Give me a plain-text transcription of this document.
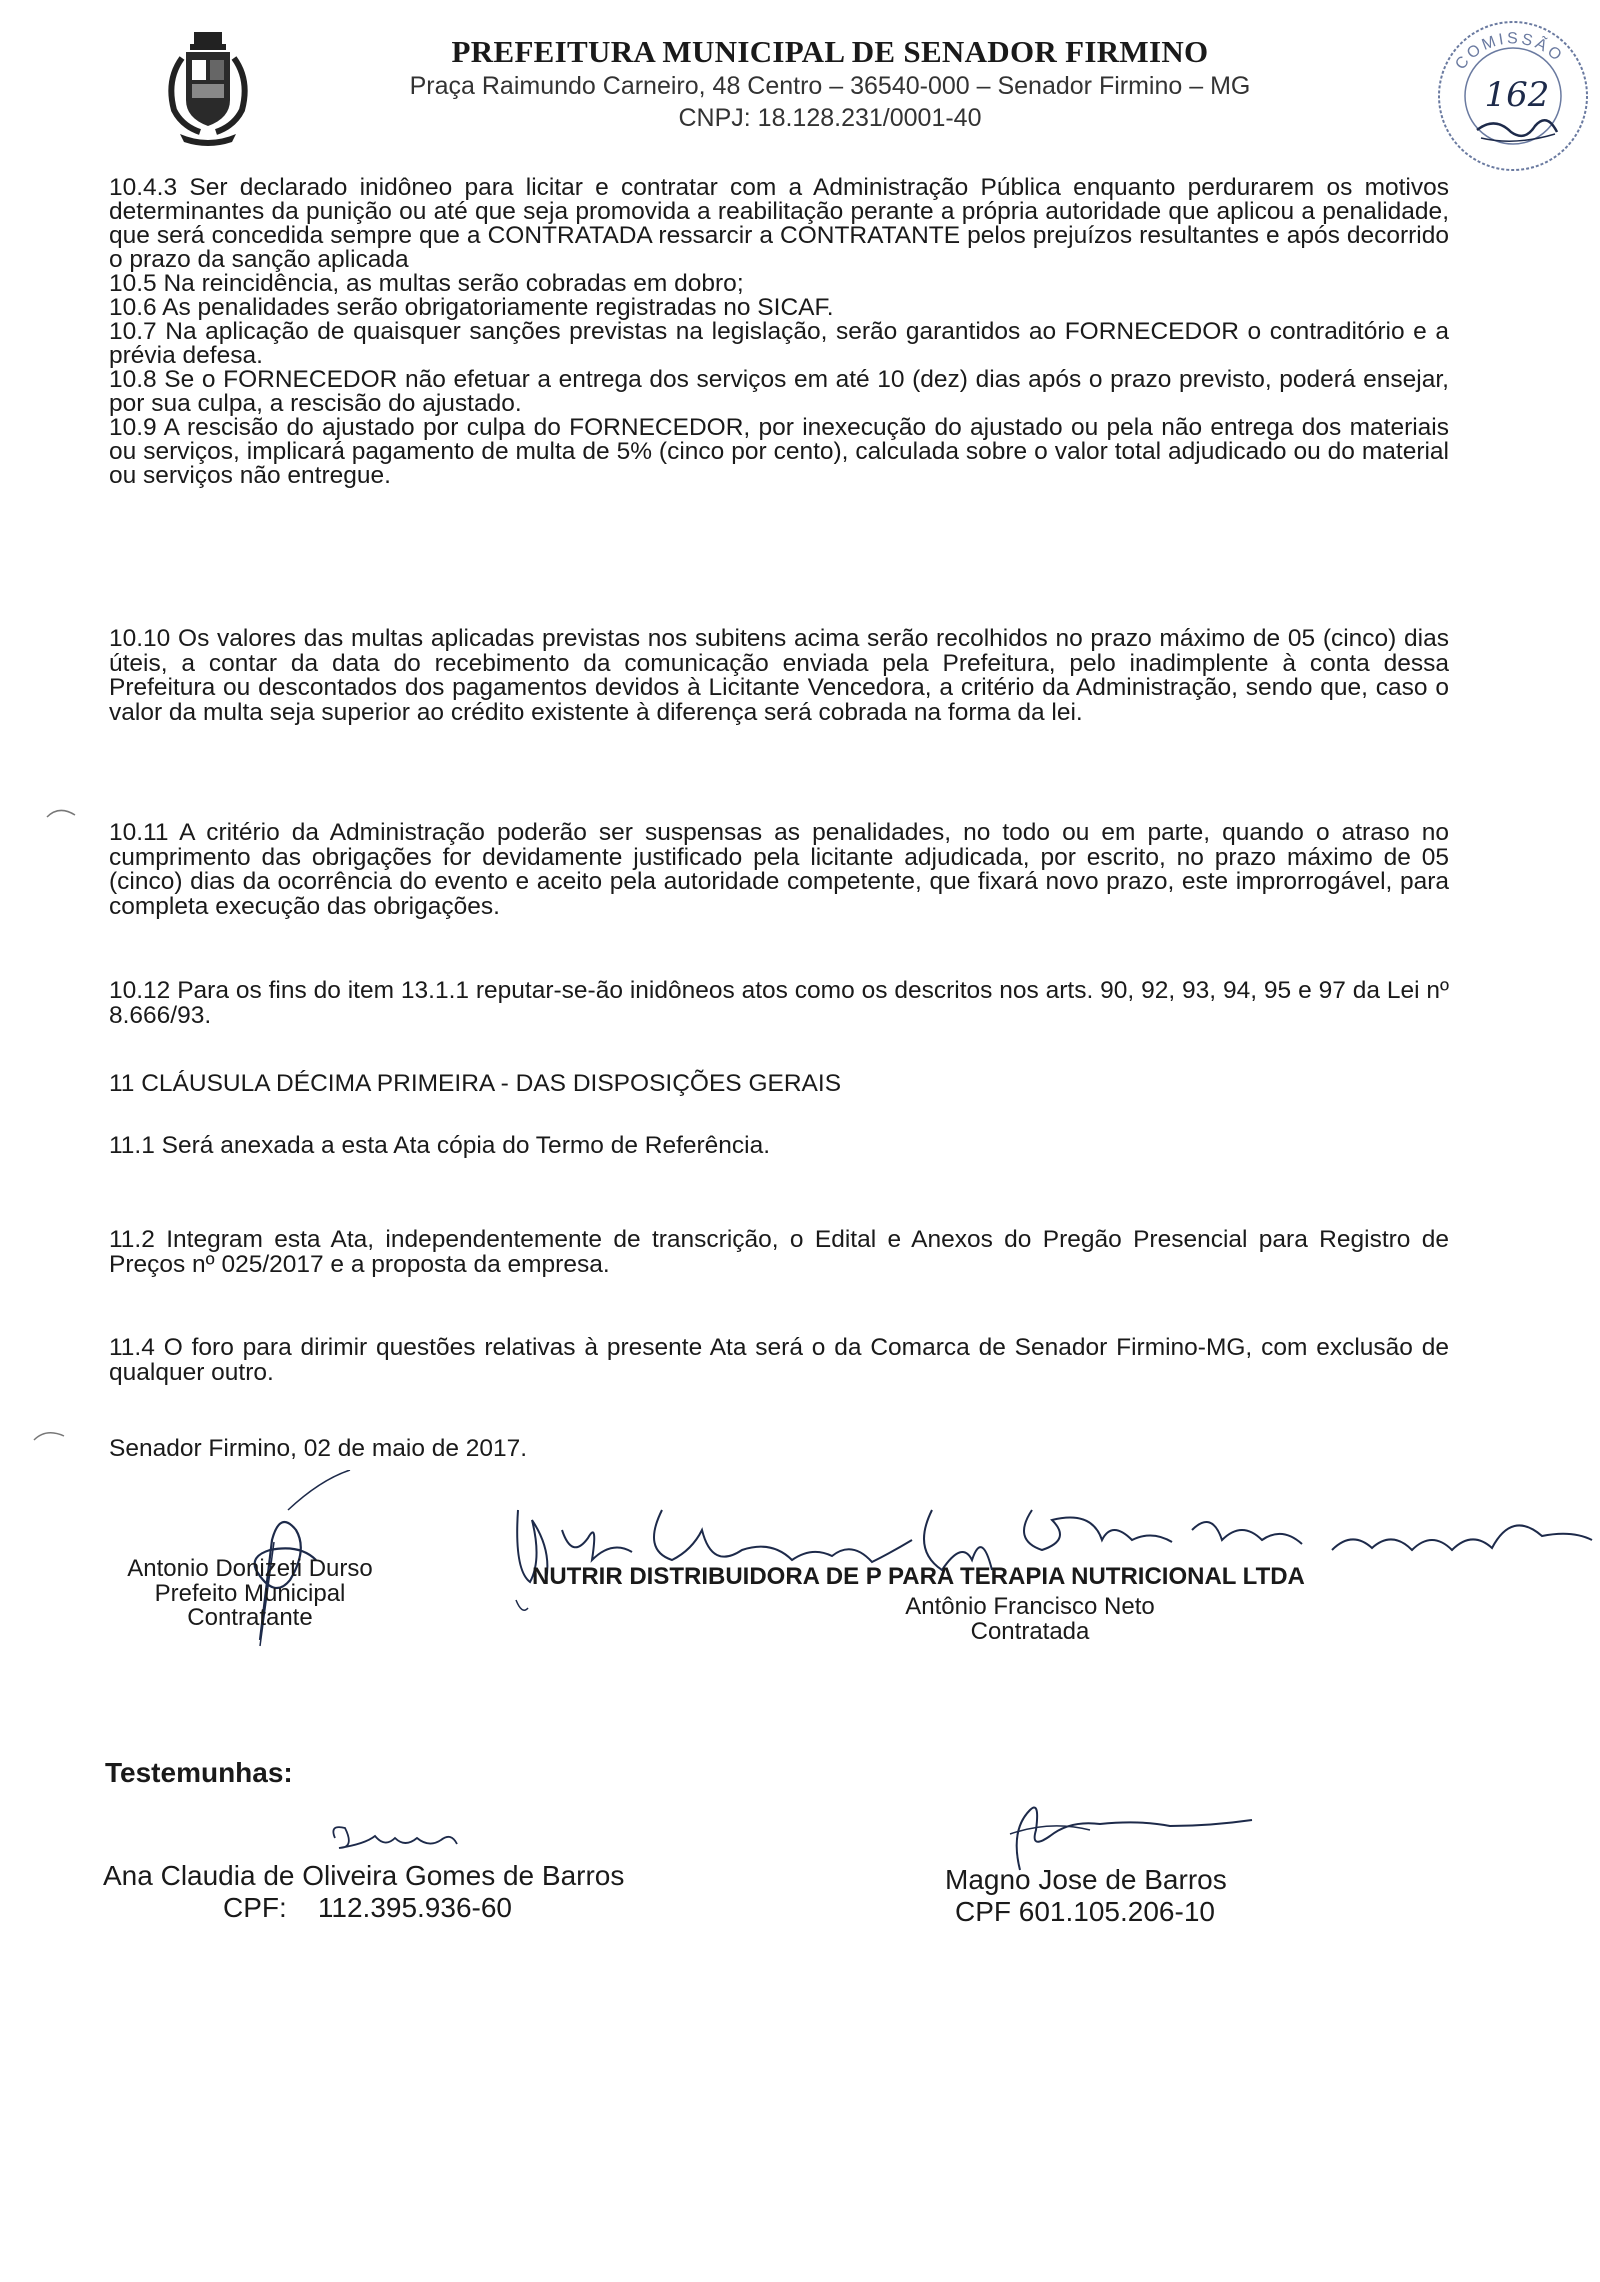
PREFEITURA MUNICIPAL DE SENADOR FIRMINO
Praça Raimundo Carneiro, 48 Centro – 36540-000 – Senador Firmino – MG
CNPJ: 18.128.231/0001-40
COMISSÃO
162

10.4.3 Ser declarado inidôneo para licitar e contratar com a Administração Pública enquanto perdurarem os motivos determinantes da punição ou até que seja promovida a reabilitação perante a própria autoridade que aplicou a penalidade, que será concedida sempre que a CONTRATADA ressarcir a CONTRATANTE pelos prejuízos resultantes e após decorrido o prazo da sanção aplicada

10.5 Na reincidência, as multas serão cobradas em dobro;

10.6 As penalidades serão obrigatoriamente registradas no SICAF.

10.7 Na aplicação de quaisquer sanções previstas na legislação, serão garantidos ao FORNECEDOR o contraditório e a prévia defesa.

10.8 Se o FORNECEDOR não efetuar a entrega dos serviços em até 10 (dez) dias após o prazo previsto, poderá ensejar, por sua culpa, a rescisão do ajustado.

10.9 A rescisão do ajustado por culpa do FORNECEDOR, por inexecução do ajustado ou pela não entrega dos materiais ou serviços, implicará pagamento de multa de 5% (cinco por cento), calculada sobre o valor total adjudicado ou do material ou serviços não entregue.

10.10 Os valores das multas aplicadas previstas nos subitens acima serão recolhidos no prazo máximo de 05 (cinco) dias úteis, a contar da data do recebimento da comunicação enviada pela Prefeitura, pelo inadimplente à conta dessa Prefeitura ou descontados dos pagamentos devidos à Licitante Vencedora, a critério da Administração, sendo que, caso o valor da multa seja superior ao crédito existente à diferença será cobrada na forma da lei.
10.11 A critério da Administração poderão ser suspensas as penalidades, no todo ou em parte, quando o atraso no cumprimento das obrigações for devidamente justificado pela licitante adjudicada, por escrito, no prazo máximo de 05 (cinco) dias da ocorrência do evento e aceito pela autoridade competente, que fixará novo prazo, este improrrogável, para completa execução das obrigações.
10.12 Para os fins do item 13.1.1 reputar-se-ão inidôneos atos como os descritos nos arts. 90, 92, 93, 94, 95 e 97 da Lei nº 8.666/93.
11 CLÁUSULA DÉCIMA PRIMEIRA - DAS DISPOSIÇÕES GERAIS
11.1 Será anexada a esta Ata cópia do Termo de Referência.
11.2 Integram esta Ata, independentemente de transcrição, o Edital e Anexos do Pregão Presencial para Registro de Preços nº 025/2017 e a proposta da empresa.
11.4 O foro para dirimir questões relativas à presente Ata será o da Comarca de Senador Firmino-MG, com exclusão de qualquer outro.
Senador Firmino, 02 de maio de 2017.
Antonio Donizeti Durso
Prefeito Municipal
Contratante
NUTRIR DISTRIBUIDORA DE P PARA TERAPIA NUTRICIONAL LTDA
Antônio Francisco Neto
Contratada
Testemunhas:
Ana Claudia de Oliveira Gomes de Barros
CPF:    112.395.936-60
Magno Jose de Barros
CPF 601.105.206-10
